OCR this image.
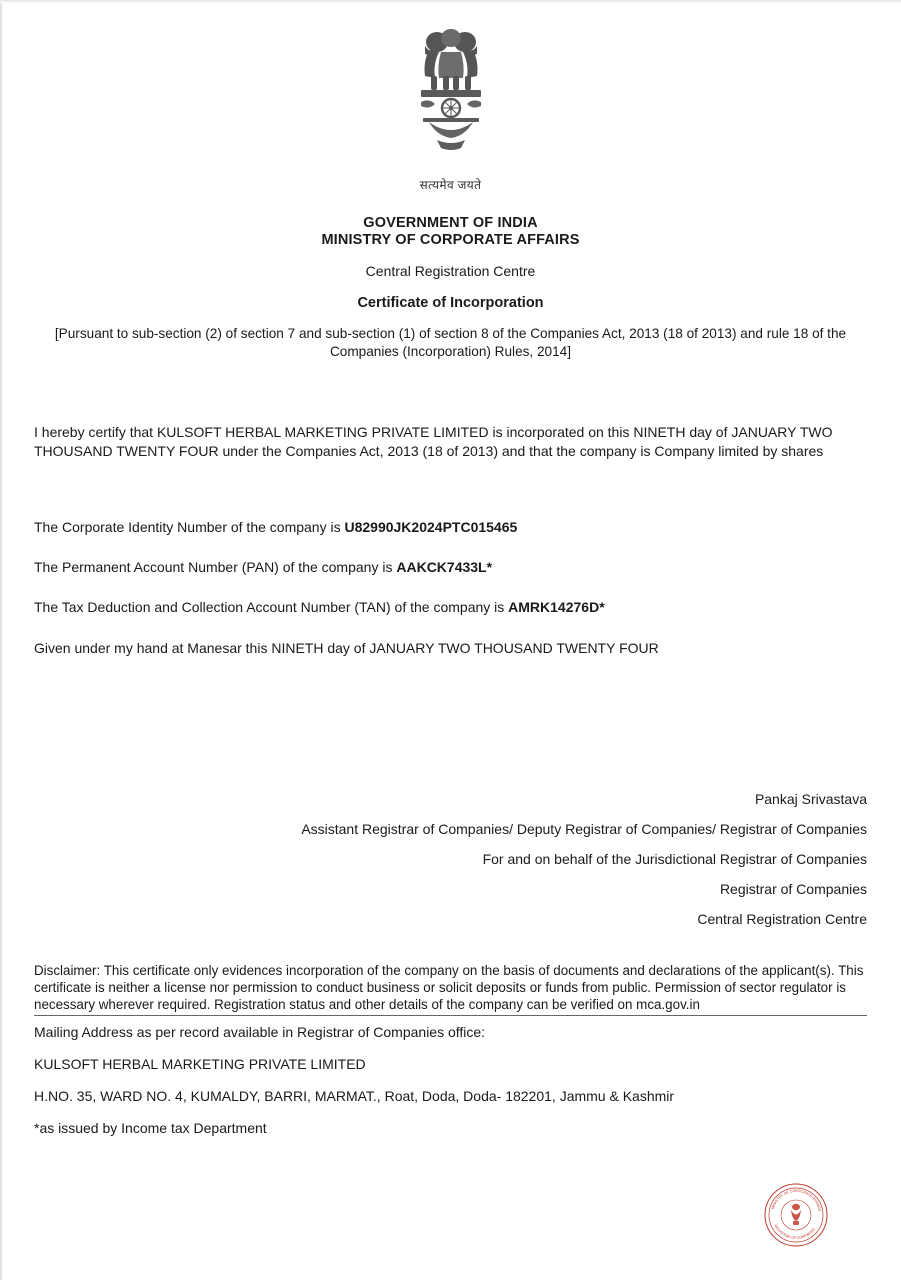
सत्यमेव जयते
GOVERNMENT OF INDIA
MINISTRY OF CORPORATE AFFAIRS
Central Registration Centre
Certificate of Incorporation
[Pursuant to sub-section (2) of section 7 and sub-section (1) of section 8 of the Companies Act, 2013 (18 of 2013) and rule 18 of the Companies (Incorporation) Rules, 2014]
I hereby certify that KULSOFT HERBAL MARKETING PRIVATE LIMITED is incorporated on this NINETH day of JANUARY TWO THOUSAND TWENTY FOUR under the Companies Act, 2013 (18 of 2013) and that the company is Company limited by shares
The Corporate Identity Number of the company is U82990JK2024PTC015465
The Permanent Account Number (PAN) of the company is AAKCK7433L*
The Tax Deduction and Collection Account Number (TAN) of the company is AMRK14276D*
Given under my hand at Manesar this NINETH day of JANUARY TWO THOUSAND TWENTY FOUR
Pankaj Srivastava
Assistant Registrar of Companies/ Deputy Registrar of Companies/ Registrar of Companies
For and on behalf of the Jurisdictional Registrar of Companies
Registrar of Companies
Central Registration Centre
Disclaimer: This certificate only evidences incorporation of the company on the basis of documents and declarations of the applicant(s). This certificate is neither a license nor permission to conduct business or solicit deposits or funds from public. Permission of sector regulator is necessary wherever required. Registration status and other details of the company can be verified on mca.gov.in
Mailing Address as per record available in Registrar of Companies office:
KULSOFT HERBAL MARKETING PRIVATE LIMITED
H.NO. 35, WARD NO. 4, KUMALDY, BARRI, MARMAT., Roat, Doda, Doda- 182201, Jammu & Kashmir
*as issued by Income tax Department
MINISTRY OF CORPORATE AFFAIRS
REGISTRAR OF COMPANIES
